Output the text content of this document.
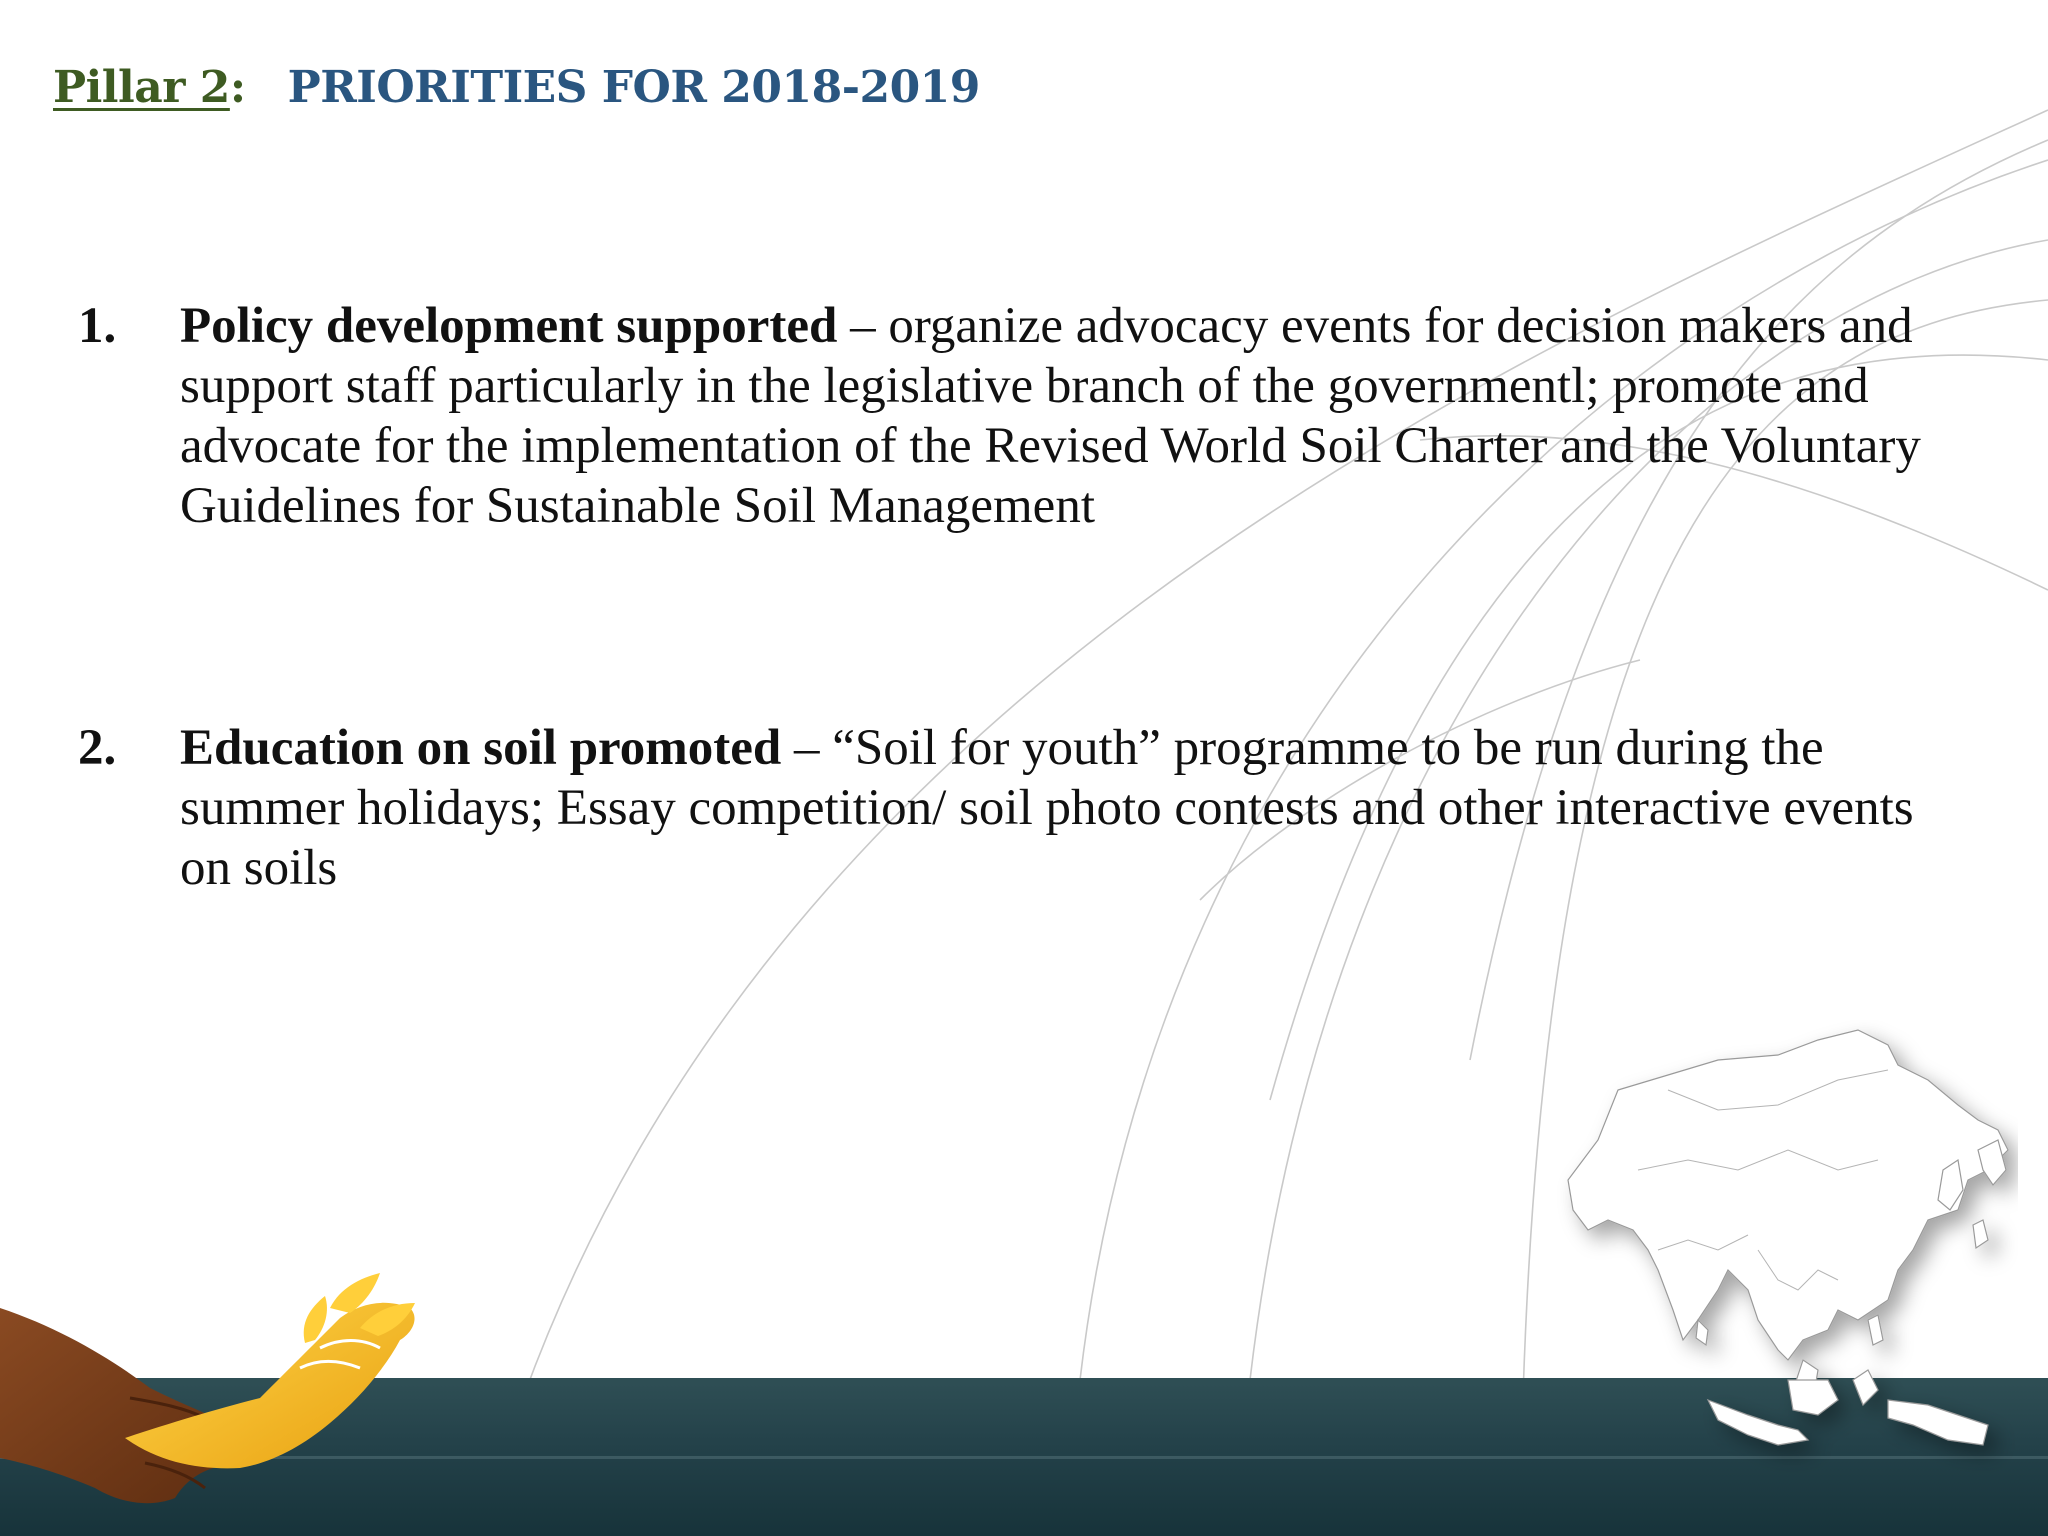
Pillar 2: PRIORITIES FOR 2018-2019
1.	Policy development supported – organize advocacy events for decision makers and support staff particularly in the legislative branch of the governmentl; promote and advocate for the implementation of the Revised World Soil Charter and the Voluntary Guidelines for Sustainable Soil Management
2.	Education on soil promoted – “Soil for youth” programme to be run during the summer holidays; Essay competition/ soil photo contests and other interactive events on soils
